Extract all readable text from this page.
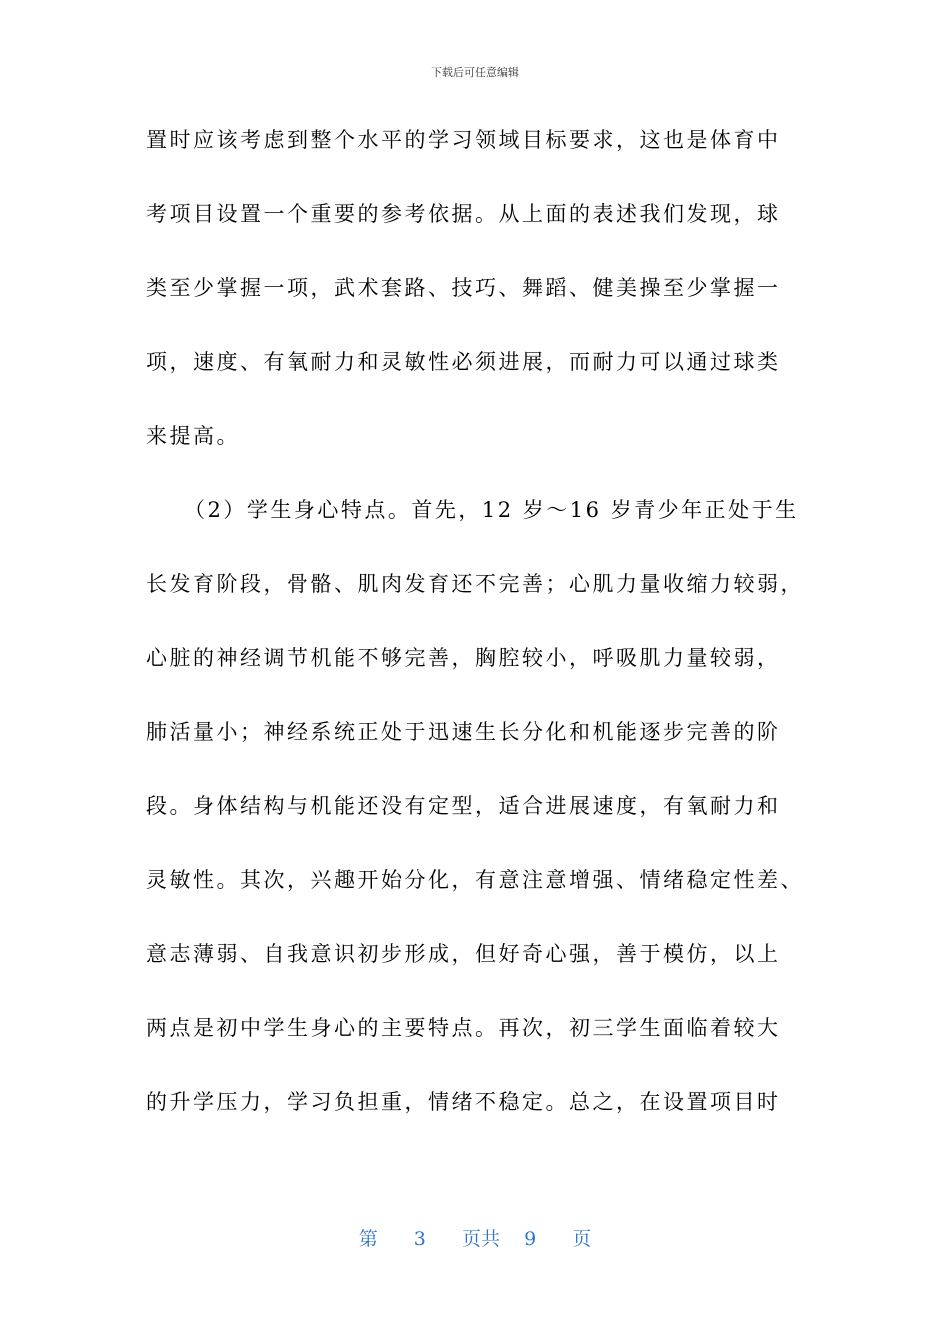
下载后可任意编辑
置时应该考虑到整个水平的学习领域目标要求，这也是体育中
考项目设置一个重要的参考依据。从上面的表述我们发现，球
类至少掌握一项，武术套路、技巧、舞蹈、健美操至少掌握一
项，速度、有氧耐力和灵敏性必须进展，而耐力可以通过球类
来提高。
（2）学生身心特点。首先，12 岁～16 岁青少年正处于生
长发育阶段，骨骼、肌肉发育还不完善；心肌力量收缩力较弱，
心脏的神经调节机能不够完善，胸腔较小，呼吸肌力量较弱，
肺活量小；神经系统正处于迅速生长分化和机能逐步完善的阶
段。身体结构与机能还没有定型，适合进展速度，有氧耐力和
灵敏性。其次，兴趣开始分化，有意注意增强、情绪稳定性差、
意志薄弱、自我意识初步形成，但好奇心强，善于模仿，以上
两点是初中学生身心的主要特点。再次，初三学生面临着较大
的升学压力，学习负担重，情绪不稳定。总之，在设置项目时
第 3 页共 9 页
